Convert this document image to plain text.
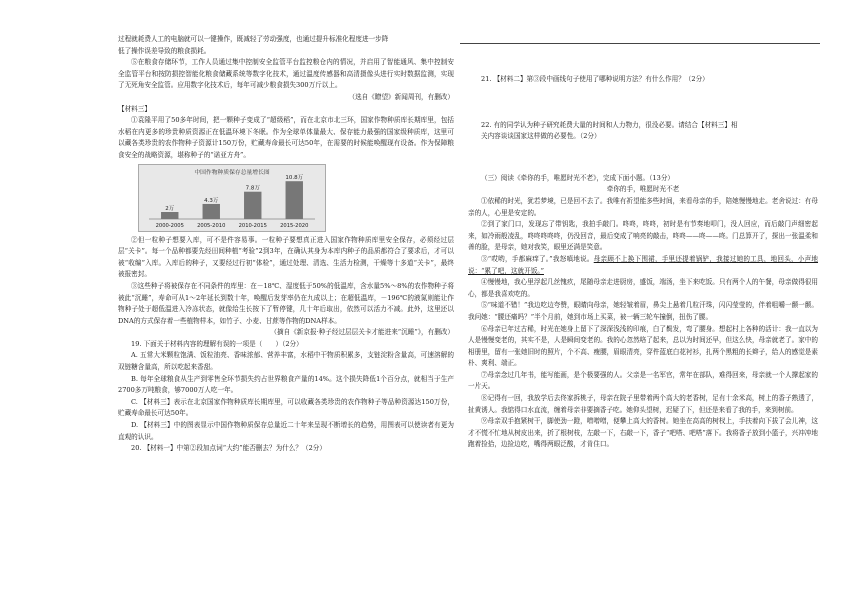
过程就耗费人工的电脑就可以一键操作，既减轻了劳动强度，也通过提升标准化程度进一步降

低了操作误差导致的粮食损耗。

⑤在粮食存储环节，工作人员通过集中控制安全监管平台监控粮仓内的情况，并启用了智能通风、集中控制安全监管平台和按防损控智能化粮食储藏系统等数字化技术，通过温度传感器和高清摄像头进行实时数据监测，实现了无死角安全监管。应用数字化技术后，每年可减少粮食损失300万斤以上。

（选自《瞭望》新闻周刊，有删改）

【材料三】

①袁隆平用了50多年时间，把一颗种子变成了“超级稻”，而在北京市北三环，国家作物种质库长期库里，包括水稻在内更多的珍贵种质资源正在低温环境下冬眠。作为全球单体量最大、保存能力最强的国家级种质库，这里可以藏各类珍贵的农作物种子资源计150万份，贮藏寿命最长可达50年，在需要的时候能唤醒现有设备。作为保障粮食安全的战略资源，堪称种子的“诺亚方舟”。

中国作物种质保存总量增长图
2万
2000-2005
4.3万
2005-2010
7.8万
2010-2015
10.8万
2015-2020

②但一粒种子想要入库，可不是件容易事。一粒种子要想真正进入国家作物种质库里安全保存，必须经过层层“关卡”。每一个品种都要先经田间种植“考验”2到3年，在确认其身为本库内种子的品质都符合了要求后，才可以被“收编”入库。入库后的种子，又要经过行初“体检”，通过处理、清选、生活力检测，干燥等十多道“关卡”，最终被报密封。

③这些种子将被保存在不同条件的库里：在－18℃、湿度低于50%的低温库，含水量5%～8%的农作物种子将被此“沉睡”，寿命可从1～2年延长到数十年，唤醒后发芽率仍在九成以上；在超低温库，－196℃的液氮则能让作物种子处于超低温进入冷冻状态，就像给生长按下了暂停键，几十年后取出，依然可以活力不减。此外，这里还以DNA的方式保存着一些植物样本，如竹子、小麦、甘蔗等作物的DNA样本。

（摘自《新京报·种子经过层层关卡才能进来“沉睡”》，有删改）

19. 下面关于材料内容的理解有误的一项是（　　）（2分）

A. 五常大米颗粒饱满、饭粒油亮、香味浓郁、营养丰富，水稻中干物质积累多，支链淀粉含量高，可速溶解的双链糖含量高，所以吃起来香甜。

B. 每年全球粮食从生产到零售全环节损失约占世界粮食产量的14%。这个损失降低1个百分点，就相当于生产2700多万吨粮食，够7000万人吃一年。

C. 【材料三】表示在北京国家作物种质库长期库里，可以收藏各类珍贵的农作物种子等品种资源达150万份，贮藏寿命最长可达50年。

D. 【材料三】中的图表显示中国作物种质保存总量近二十年来呈现不断增长的趋势，用图表可以使读者有更为直观的认识。

20. 【材料一】中第②段加点词“大约”能否删去？为什么？（2分）

21. 【材料二】第③段中画线句子使用了哪种说明方法？有什么作用？（2分）

22. 有的同学认为种子研究耗费大量的时间和人力物力，很没必要。请结合【材料三】相

关内容谈谈国家这样做的必要性。（2分）

（三）阅读《牵你的手，唯愿时光不老》，完成下面小题。（13分）

牵你的手，唯愿时光不老

①依稀的时光，犹若梦境，已是回不去了。我唯有祈望能多些时间，来看母亲的手，陪她慢慢地走。老舍说过：有母亲的人，心里是安定的。

②到了家门口，发现忘了带钥匙，我拍手敲门。咚咚，咚咚，初时是有节奏地叩门，没人回应，而后敲门声细密起来，如冷雨般凌乱，咚咚咚咚咚，仍没回音，最后变成了响亮的敲击，咚咚——咚——咚。门总算开了，探出一张温柔和善的脸，是母亲，她对我笑，眼里还满是笑意。

③“哎哟，手都麻痒了。”我怒嗔地说。母亲顾不上换下围裙，手里还提着锅铲，我接过她的工具，地回头，小声地说：“累了吧，这就开饭。”

④慢慢地，我心里浮起几丝愧疚，尾随母亲走进厨房，盛饭，端汤，坐下来吃饭。只有两个人的午餐，母亲做得很用心，都是我喜欢吃的。

⑤“味道不错！”我边吃边夸赞，眼睛向母亲，她轻皱着眉，鼻尖上悬着几粒汗珠，闪闪莹莹的，伴着咀嚼一颤一颤。我问她：“腰还痛吗？”半个月前，她到市场上买菜，被一辆三轮车撞倒，扭伤了腰。

⑥母亲已年过古稀，时光在她身上留下了深深浅浅的印痕，白了鬓发，弯了腰身。想起村上各种的活计：我一直以为人是慢慢变老的，其实不是，人是瞬间变老的。我的心忽然咯了起来，总以为时间还早，但这么快，母亲就老了。家中的相册里，留有一张她旧时的照片，个不高、瘦腰，眉眼清亮，穿件蓝底白花衬衫，扎两个黑粗的长辫子，给人的感觉是素朴、爽利、端正。

⑦母亲念过几年书，能写能画，是个极要强的人。父亲是一名军官，常年在部队，难得回来，母亲就一个人撑起家的一片天。

⑧记得有一回，我放学后去佟家拆桃子，母亲在院子里带着两个高大的老香树，足有十余米高，树上的香子熟透了，扯黄诱人。我惦得口水直流，缠着母亲非要摘香子吃。她仰头望树，迟疑了下，但还是来看了我的手，来到树前。

⑨母亲双手抱紧树干，脚使劲一蹬，噌噌噌，便攀上高大的香树。她坐在高高的树杈上，手扶着向下拔了会儿神，这才不慌不忙地从树皮出来，折了根树枝，左敲一下，右敲一下，香子“吧嗒、吧嗒”落下。我将香子放到小篮子，兴冲冲地跑着捡拾，边捡边吃，嘴得两眼泛酸，才肯住口。
